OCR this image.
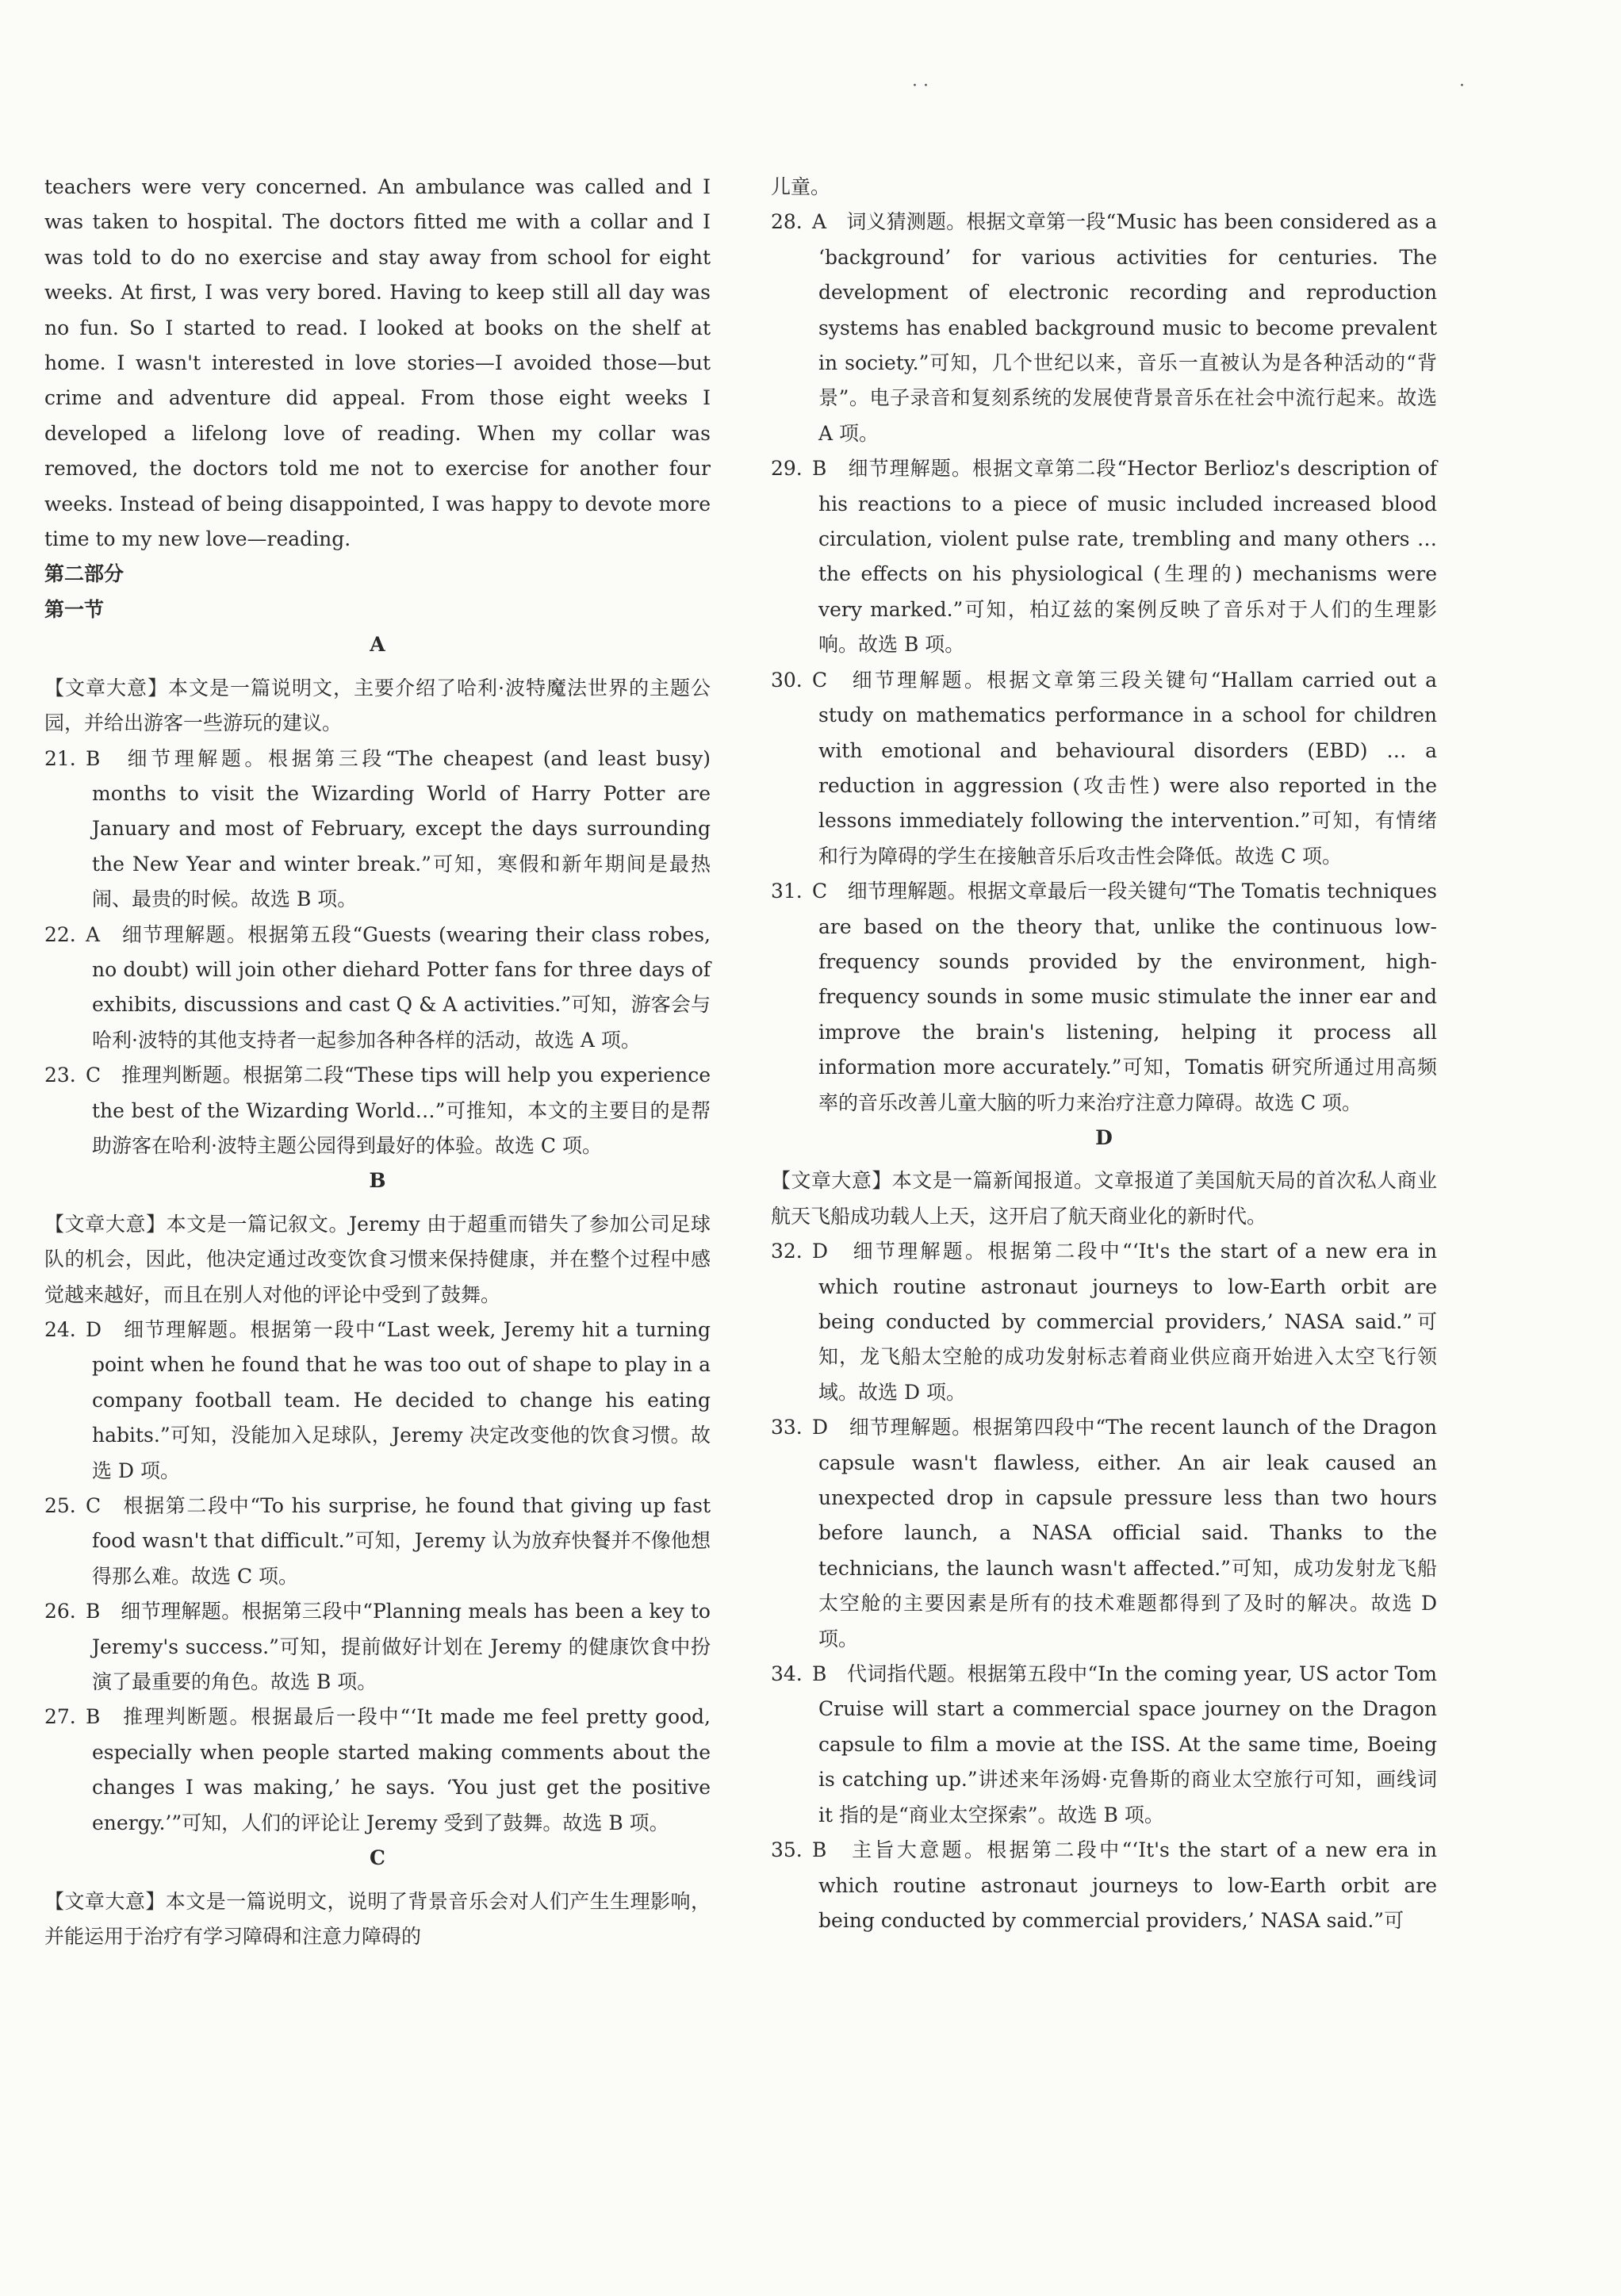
· ·	·

teachers were very concerned. An ambulance was called and I was taken to hospital. The doctors fitted me with a collar and I was told to do no exercise and stay away from school for eight weeks. At first, I was very bored. Having to keep still all day was no fun. So I started to read. I looked at books on the shelf at home. I wasn't interested in love stories—I avoided those—but crime and adventure did appeal. From those eight weeks I developed a lifelong love of reading. When my collar was removed, the doctors told me not to exercise for another four weeks. Instead of being disappointed, I was happy to devote more time to my new love—reading.

第二部分

第一节

A

【文章大意】本文是一篇说明文，主要介绍了哈利·波特魔法世界的主题公园，并给出游客一些游玩的建议。

21. B　细节理解题。根据第三段“The cheapest (and least busy) months to visit the Wizarding World of Harry Potter are January and most of February, except the days surrounding the New Year and winter break.”可知，寒假和新年期间是最热闹、最贵的时候。故选 B 项。

22. A　细节理解题。根据第五段“Guests (wearing their class robes, no doubt) will join other diehard Potter fans for three days of exhibits, discussions and cast Q & A activities.”可知，游客会与哈利·波特的其他支持者一起参加各种各样的活动，故选 A 项。

23. C　推理判断题。根据第二段“These tips will help you experience the best of the Wizarding World…”可推知，本文的主要目的是帮助游客在哈利·波特主题公园得到最好的体验。故选 C 项。

B

【文章大意】本文是一篇记叙文。Jeremy 由于超重而错失了参加公司足球队的机会，因此，他决定通过改变饮食习惯来保持健康，并在整个过程中感觉越来越好，而且在别人对他的评论中受到了鼓舞。

24. D　细节理解题。根据第一段中“Last week, Jeremy hit a turning point when he found that he was too out of shape to play in a company football team. He decided to change his eating habits.”可知，没能加入足球队，Jeremy 决定改变他的饮食习惯。故选 D 项。

25. C　根据第二段中“To his surprise, he found that giving up fast food wasn't that difficult.”可知，Jeremy 认为放弃快餐并不像他想得那么难。故选 C 项。

26. B　细节理解题。根据第三段中“Planning meals has been a key to Jeremy's success.”可知，提前做好计划在 Jeremy 的健康饮食中扮演了最重要的角色。故选 B 项。

27. B　推理判断题。根据最后一段中“‘It made me feel pretty good, especially when people started making comments about the changes I was making,’ he says. ‘You just get the positive energy.’”可知，人们的评论让 Jeremy 受到了鼓舞。故选 B 项。

C

【文章大意】本文是一篇说明文，说明了背景音乐会对人们产生生理影响，并能运用于治疗有学习障碍和注意力障碍的

儿童。

28. A　词义猜测题。根据文章第一段“Music has been considered as a ‘background’ for various activities for centuries. The development of electronic recording and reproduction systems has enabled background music to become prevalent in society.”可知，几个世纪以来，音乐一直被认为是各种活动的“背景”。电子录音和复刻系统的发展使背景音乐在社会中流行起来。故选 A 项。

29. B　细节理解题。根据文章第二段“Hector Berlioz's description of his reactions to a piece of music included increased blood circulation, violent pulse rate, trembling and many others … the effects on his physiological (生理的) mechanisms were very marked.”可知，柏辽兹的案例反映了音乐对于人们的生理影响。故选 B 项。

30. C　细节理解题。根据文章第三段关键句“Hallam carried out a study on mathematics performance in a school for children with emotional and behavioural disorders (EBD) … a reduction in aggression (攻击性) were also reported in the lessons immediately following the intervention.”可知，有情绪和行为障碍的学生在接触音乐后攻击性会降低。故选 C 项。

31. C　细节理解题。根据文章最后一段关键句“The Tomatis techniques are based on the theory that, unlike the continuous low-frequency sounds provided by the environment, high-frequency sounds in some music stimulate the inner ear and improve the brain's listening, helping it process all information more accurately.”可知，Tomatis 研究所通过用高频率的音乐改善儿童大脑的听力来治疗注意力障碍。故选 C 项。

D

【文章大意】本文是一篇新闻报道。文章报道了美国航天局的首次私人商业航天飞船成功载人上天，这开启了航天商业化的新时代。

32. D　细节理解题。根据第二段中“‘It's the start of a new era in which routine astronaut journeys to low-Earth orbit are being conducted by commercial providers,’ NASA said.”可知，龙飞船太空舱的成功发射标志着商业供应商开始进入太空飞行领域。故选 D 项。

33. D　细节理解题。根据第四段中“The recent launch of the Dragon capsule wasn't flawless, either. An air leak caused an unexpected drop in capsule pressure less than two hours before launch, a NASA official said. Thanks to the technicians, the launch wasn't affected.”可知，成功发射龙飞船太空舱的主要因素是所有的技术难题都得到了及时的解决。故选 D 项。

34. B　代词指代题。根据第五段中“In the coming year, US actor Tom Cruise will start a commercial space journey on the Dragon capsule to film a movie at the ISS. At the same time, Boeing is catching up.”讲述来年汤姆·克鲁斯的商业太空旅行可知，画线词 it 指的是“商业太空探索”。故选 B 项。

35. B　主旨大意题。根据第二段中“‘It's the start of a new era in which routine astronaut journeys to low-Earth orbit are being conducted by commercial providers,’ NASA said.”可
